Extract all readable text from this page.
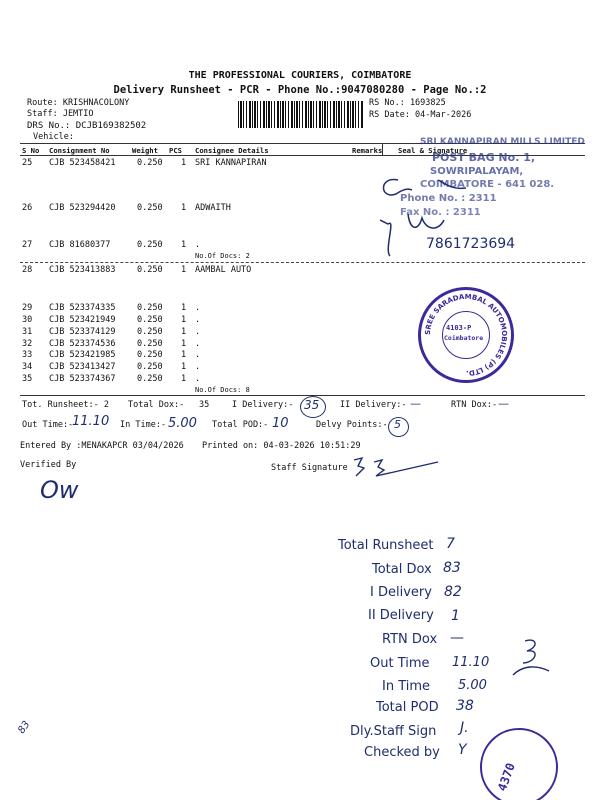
THE PROFESSIONAL COURIERS, COIMBATORE
Delivery Runsheet - PCR - Phone No.:9047080280 - Page No.:2
Route: KRISHNACOLONY
Staff: JEMTIO
DRS No.: DCJB169382502
Vehicle:
RS No.: 1693825
RS Date: 04-Mar-2026
S No Consignment No	Weight PCS Consignee Details	Remarks Seal & Signature
25 CJB 523458421	0.250 1 SRI KANNAPIRAN
26 CJB 523294420	0.250 1 ADWAITH
27 CJB 81680377	0.250 1 .
No.Of Docs: 2
28 CJB 523413883	0.250 1 AAMBAL AUTO
29 CJB 523374335	0.250 1 .
30 CJB 523421949	0.250 1 .
31 CJB 523374129	0.250 1 .
32 CJB 523374536	0.250 1 .
33 CJB 523421985	0.250 1 .
34 CJB 523413427	0.250 1 .
35 CJB 523374367	0.250 1 .
No.Of Docs: 8
Tot. Runsheet:- 2 Total Dox:- 35	I Delivery:- 35 II Delivery:- —	RTN Dox:- —
Out Time:-
11.10 In Time:- 5.00 Total POD:- 10	Delvy Points:- 5
Entered By :MENAKAPCR 03/04/2026 Printed on: 04-03-2026 10:51:29
Verified By	Staff Signature
Ow
SRI KANNAPIRAN MILLS LIMITED
POST BAG No. 1,
SOWRIPALAYAM,
COIMBATORE - 641 028.
Phone No. : 2311
Fax No. : 2311
7861723694
SREE SARADAMBAL AUTOMOBILES (P) LTD.
4103-P
Coimbatore
Total Runsheet 7
Total Dox 83
I Delivery 82
II Delivery 1
RTN Dox —
Out Time 11.10
In Time 5.00
Total POD 38
Dly.Staff Sign J.
Checked by Y
4370
83
